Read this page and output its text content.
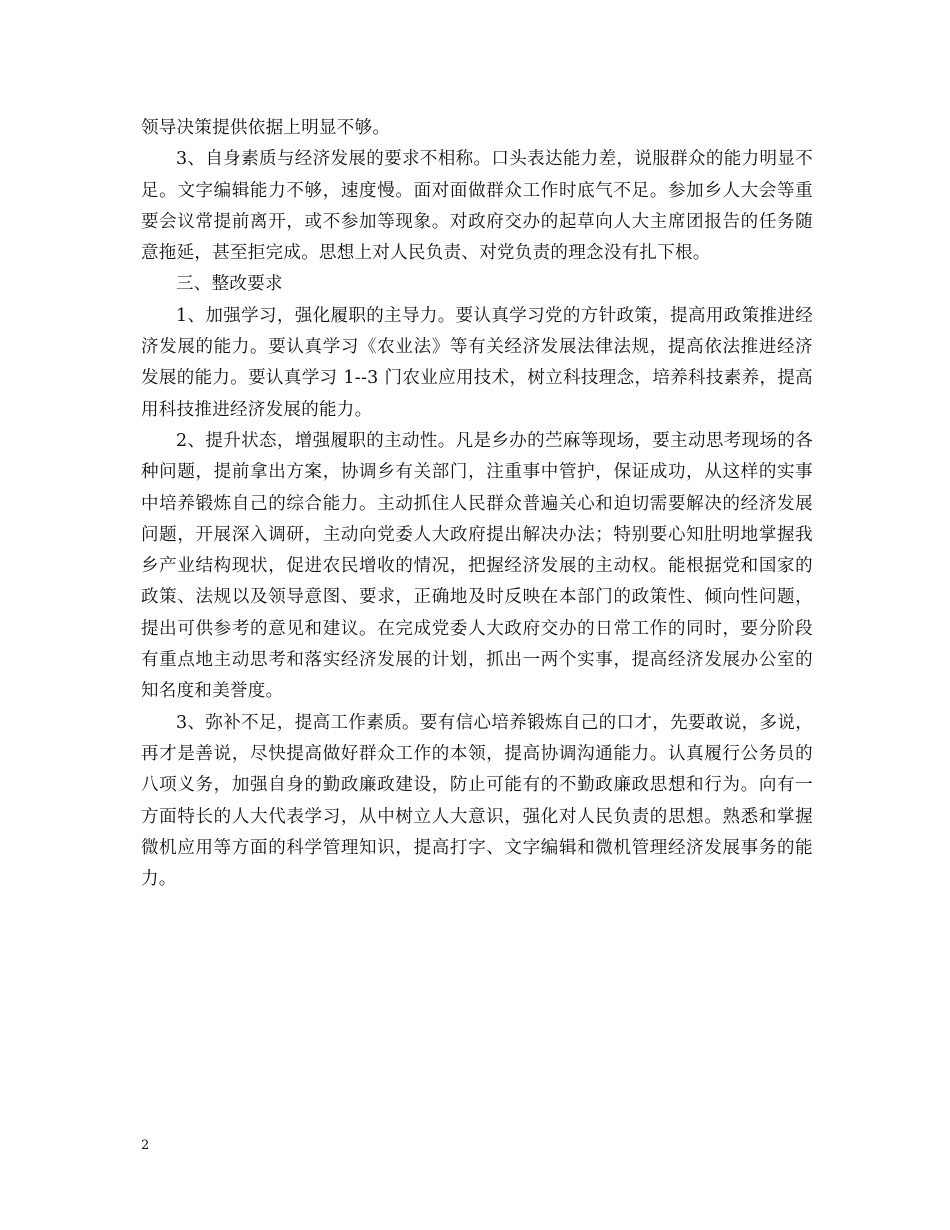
领导决策提供依据上明显不够。

3、自身素质与经济发展的要求不相称。口头表达能力差，说服群众的能力明显不足。文字编辑能力不够，速度慢。面对面做群众工作时底气不足。参加乡人大会等重要会议常提前离开，或不参加等现象。对政府交办的起草向人大主席团报告的任务随意拖延，甚至拒完成。思想上对人民负责、对党负责的理念没有扎下根。

三、整改要求

1、加强学习，强化履职的主导力。要认真学习党的方针政策，提高用政策推进经济发展的能力。要认真学习《农业法》等有关经济发展法律法规，提高依法推进经济发展的能力。要认真学习 1--3 门农业应用技术，树立科技理念，培养科技素养，提高用科技推进经济发展的能力。

2、提升状态，增强履职的主动性。凡是乡办的苎麻等现场，要主动思考现场的各种问题，提前拿出方案，协调乡有关部门，注重事中管护，保证成功，从这样的实事中培养锻炼自己的综合能力。主动抓住人民群众普遍关心和迫切需要解决的经济发展问题，开展深入调研，主动向党委人大政府提出解决办法；特别要心知肚明地掌握我乡产业结构现状，促进农民增收的情况，把握经济发展的主动权。能根据党和国家的政策、法规以及领导意图、要求，正确地及时反映在本部门的政策性、倾向性问题，提出可供参考的意见和建议。在完成党委人大政府交办的日常工作的同时，要分阶段有重点地主动思考和落实经济发展的计划，抓出一两个实事，提高经济发展办公室的知名度和美誉度。

3、弥补不足，提高工作素质。要有信心培养锻炼自己的口才，先要敢说，多说，再才是善说，尽快提高做好群众工作的本领，提高协调沟通能力。认真履行公务员的八项义务，加强自身的勤政廉政建设，防止可能有的不勤政廉政思想和行为。向有一方面特长的人大代表学习，从中树立人大意识，强化对人民负责的思想。熟悉和掌握微机应用等方面的科学管理知识，提高打字、文字编辑和微机管理经济发展事务的能力。

2
